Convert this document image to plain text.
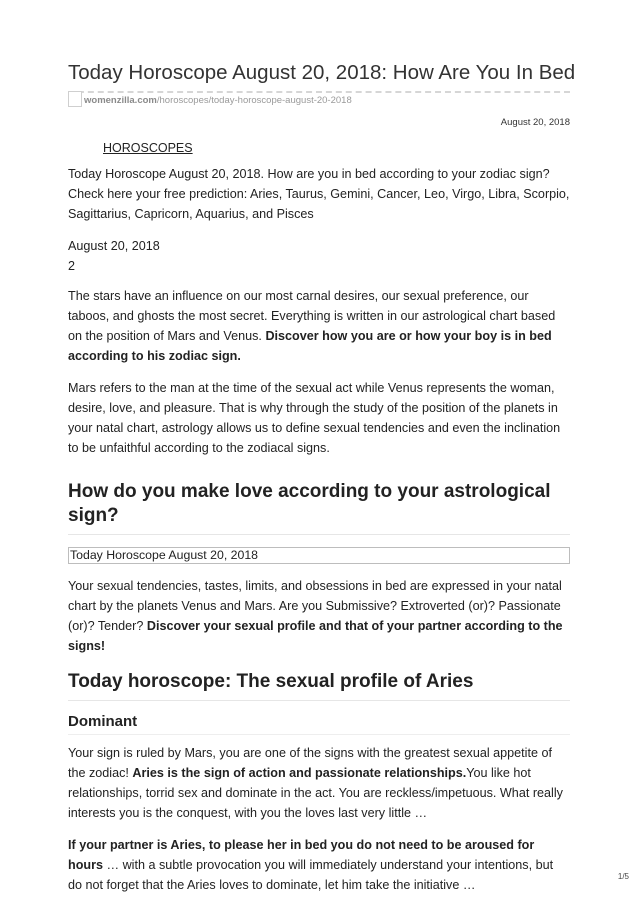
Today Horoscope August 20, 2018: How Are You In Bed
womenzilla.com/horoscopes/today-horoscope-august-20-2018
August 20, 2018
HOROSCOPES

Today Horoscope August 20, 2018. How are you in bed according to your zodiac sign? Check here your free prediction: Aries, Taurus, Gemini, Cancer, Leo, Virgo, Libra, Scorpio, Sagittarius, Capricorn, Aquarius, and Pisces

August 20, 2018
2

The stars have an influence on our most carnal desires, our sexual preference, our taboos, and ghosts the most secret. Everything is written in our astrological chart based on the position of Mars and Venus. Discover how you are or how your boy is in bed according to his zodiac sign.

Mars refers to the man at the time of the sexual act while Venus represents the woman, desire, love, and pleasure. That is why through the study of the position of the planets in your natal chart, astrology allows us to define sexual tendencies and even the inclination to be unfaithful according to the zodiacal signs.

How do you make love according to your astrological sign?
Today Horoscope August 20, 2018

Your sexual tendencies, tastes, limits, and obsessions in bed are expressed in your natal chart by the planets Venus and Mars. Are you Submissive? Extroverted (or)? Passionate (or)? Tender? Discover your sexual profile and that of your partner according to the signs!

Today horoscope: The sexual profile of Aries
Dominant

Your sign is ruled by Mars, you are one of the signs with the greatest sexual appetite of the zodiac! Aries is the sign of action and passionate relationships.You like hot relationships, torrid sex and dominate in the act. You are reckless/impetuous. What really interests you is the conquest, with you the loves last very little …

If your partner is Aries, to please her in bed you do not need to be aroused for hours … with a subtle provocation you will immediately understand your intentions, but do not forget that the Aries loves to dominate, let him take the initiative …

1/5
